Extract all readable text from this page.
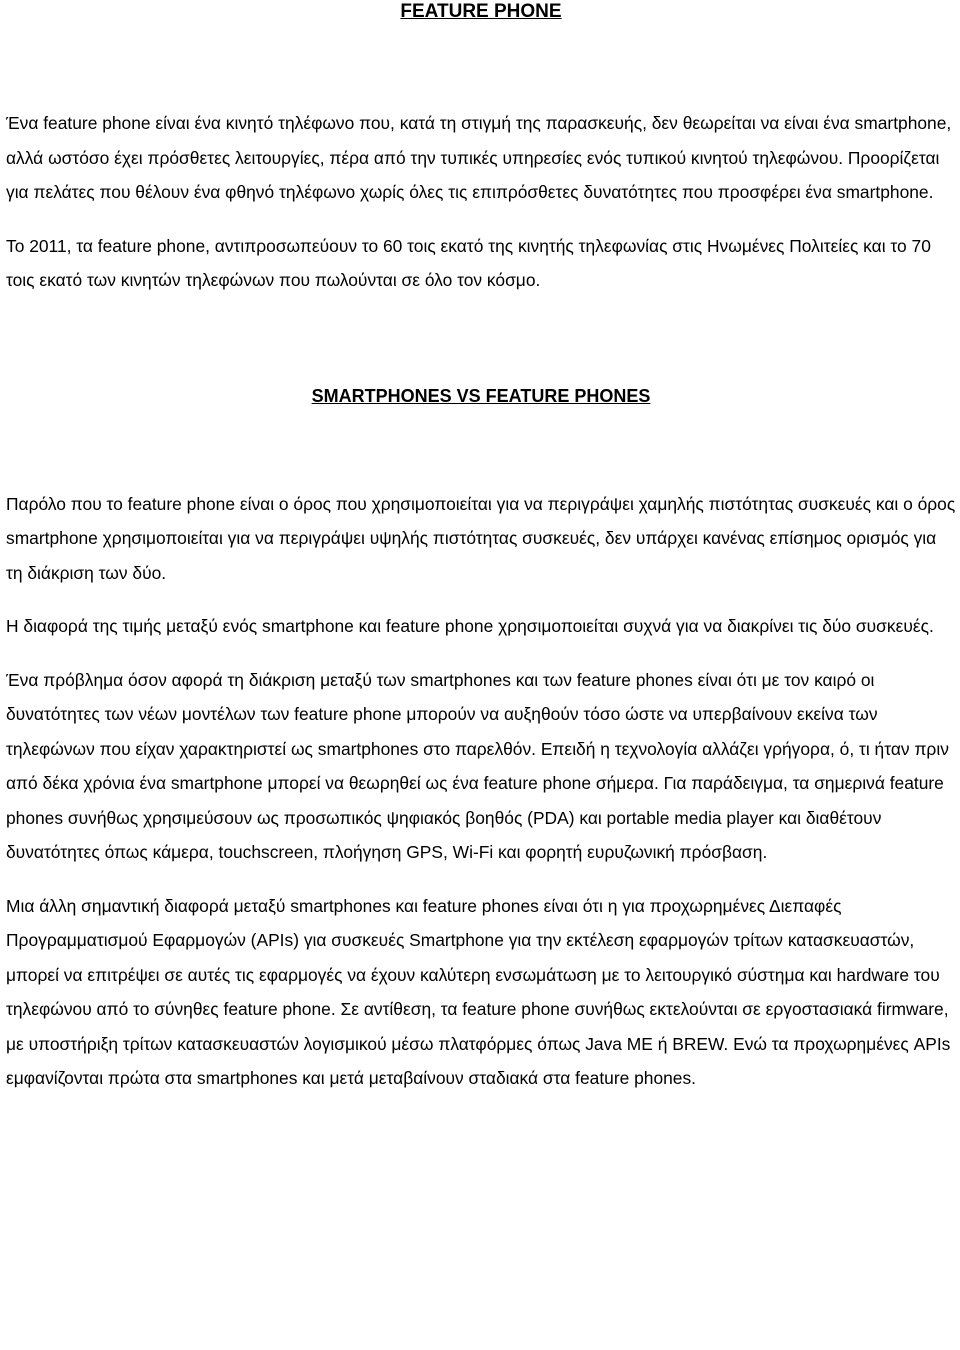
FEATURE PHONE

Ένα feature phone είναι ένα κινητό τηλέφωνο που, κατά τη στιγμή της παρασκευής, δεν θεωρείται να είναι ένα smartphone, αλλά ωστόσο έχει πρόσθετες λειτουργίες, πέρα από την τυπικές υπηρεσίες ενός τυπικού κινητού τηλεφώνου. Προορίζεται για πελάτες που θέλουν ένα φθηνό τηλέφωνο χωρίς όλες τις επιπρόσθετες δυνατότητες που προσφέρει ένα smartphone.

Το 2011, τα feature phone, αντιπροσωπεύουν το 60 τοις εκατό της κινητής τηλεφωνίας στις Ηνωμένες Πολιτείες και το 70 τοις εκατό των κινητών τηλεφώνων που πωλούνται σε όλο τον κόσμο.

SMARTPHONES VS FEATURE PHONES

Παρόλο που το feature phone είναι ο όρος που χρησιμοποιείται για να περιγράψει χαμηλής πιστότητας συσκευές και ο όρος smartphone χρησιμοποιείται για να περιγράψει υψηλής πιστότητας συσκευές, δεν υπάρχει κανένας επίσημος ορισμός για τη διάκριση των δύο.

Η διαφορά της τιμής μεταξύ ενός smartphone και feature phone χρησιμοποιείται συχνά για να διακρίνει τις δύο συσκευές.

Ένα πρόβλημα όσον αφορά τη διάκριση μεταξύ των smartphones και των feature phones είναι ότι με τον καιρό οι δυνατότητες των νέων μοντέλων των feature phone μπορούν να αυξηθούν τόσο ώστε να υπερβαίνουν εκείνα των τηλεφώνων που είχαν χαρακτηριστεί ως smartphones στο παρελθόν. Επειδή η τεχνολογία αλλάζει γρήγορα, ό, τι ήταν πριν από δέκα χρόνια ένα smartphone μπορεί να θεωρηθεί ως ένα feature phone σήμερα. Για παράδειγμα, τα σημερινά feature phones συνήθως χρησιμεύσουν ως προσωπικός ψηφιακός βοηθός (PDA) και portable media player και διαθέτουν δυνατότητες όπως κάμερα, touchscreen, πλοήγηση GPS, Wi-Fi και φορητή ευρυζωνική πρόσβαση.

Μια άλλη σημαντική διαφορά μεταξύ smartphones και feature phones είναι ότι η για προχωρημένες Διεπαφές Προγραμματισμού Εφαρμογών (APIs) για συσκευές Smartphone για την εκτέλεση εφαρμογών τρίτων κατασκευαστών, μπορεί να επιτρέψει σε αυτές τις εφαρμογές να έχουν καλύτερη ενσωμάτωση με το λειτουργικό σύστημα και hardware του τηλεφώνου από το σύνηθες feature phone. Σε αντίθεση, τα feature phone συνήθως εκτελούνται σε εργοστασιακά firmware, με υποστήριξη τρίτων κατασκευαστών λογισμικού μέσω πλατφόρμες όπως Java ME ή BREW. Ενώ τα προχωρημένες APIs εμφανίζονται πρώτα στα smartphones και μετά μεταβαίνουν σταδιακά στα feature phones.
